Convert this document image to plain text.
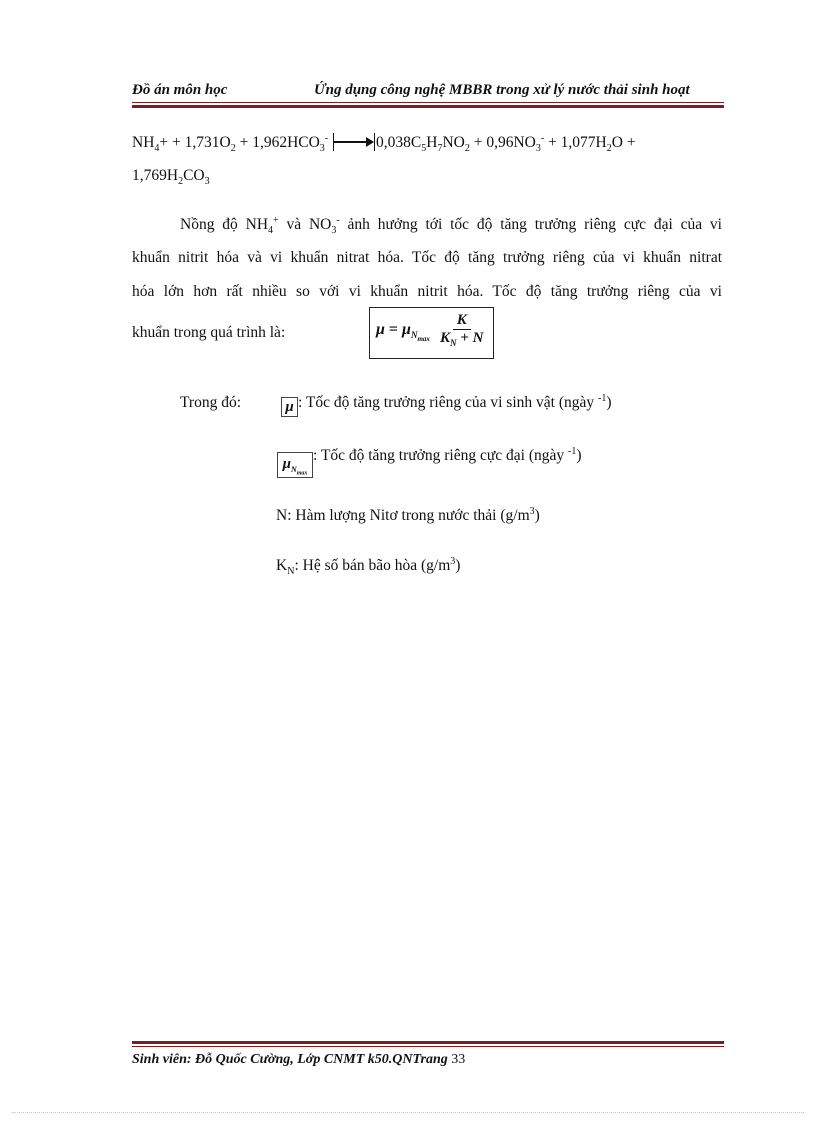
Đồ án môn học	Ứng dụng công nghệ MBBR trong xử lý nước thải sinh hoạt
$NH_4+ + 1,731O_2 + 1,962HCO_3^-$	$0,038C_5H_7NO_2 + 0,96NO_3^- + 1,077H_2O$ +
$1,769H_2CO_3$
Nồng độ $NH_4^+$ và $NO_3^-$ ảnh hưởng tới tốc độ tăng trưởng riêng cực đại của vi
khuẩn nitrit hóa và vi khuẩn nitrat hóa. Tốc độ tăng trưởng riêng của vi khuẩn nitrat
hóa lớn hơn rất nhiều so với vi khuẩn nitrit hóa. Tốc độ tăng trưởng riêng của vi
khuẩn trong quá trình là:	$\mu = \mu_{N_{max}} \frac{K}{K_N + N}$
Trong đó:	μ : Tốc độ tăng trưởng riêng của vi sinh vật (ngày $^{-1}$)
$\mu_{N_{max}}$: Tốc độ tăng trưởng riêng cực đại (ngày $^{-1}$)
N: Hàm lượng Nitơ trong nước thải $(g/m^3)$
$K_N$: Hệ số bán bão hòa $(g/m^3)$
Sinh viên: Đỗ Quốc Cường, Lớp CNMT k50.QNTrang 33
